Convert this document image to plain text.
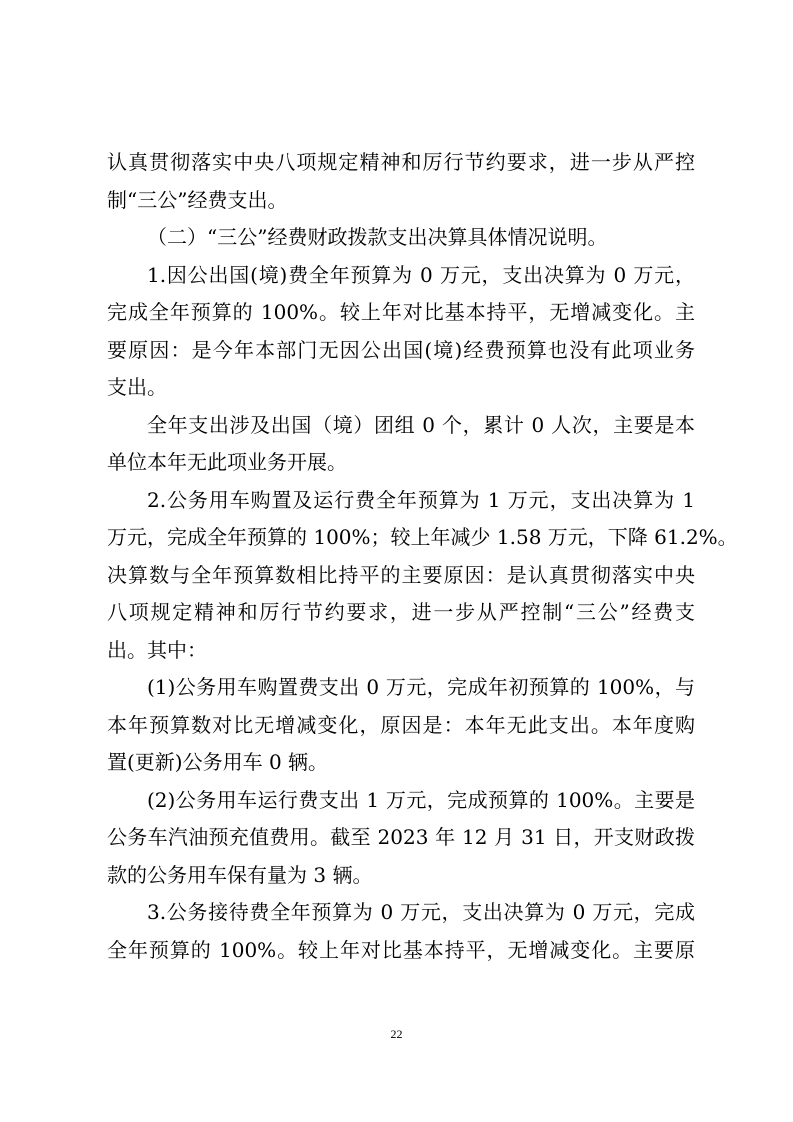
认真贯彻落实中央八项规定精神和厉行节约要求，进一步从严控
制“三公”经费支出。
（二）“三公”经费财政拨款支出决算具体情况说明。
1.因公出国(境)费全年预算为 0 万元，支出决算为 0 万元，
完成全年预算的 100%。较上年对比基本持平，无增减变化。主
要原因：是今年本部门无因公出国(境)经费预算也没有此项业务
支出。
全年支出涉及出国（境）团组 0 个，累计 0 人次，主要是本
单位本年无此项业务开展。
2.公务用车购置及运行费全年预算为 1 万元，支出决算为 1
万元，完成全年预算的 100%；较上年减少 1.58 万元，下降 61.2%。
决算数与全年预算数相比持平的主要原因：是认真贯彻落实中央
八项规定精神和厉行节约要求，进一步从严控制“三公”经费支
出。其中：
(1)公务用车购置费支出 0 万元，完成年初预算的 100%，与
本年预算数对比无增减变化，原因是：本年无此支出。本年度购
置(更新)公务用车 0 辆。
(2)公务用车运行费支出 1 万元，完成预算的 100%。主要是
公务车汽油预充值费用。截至 2023 年 12 月 31 日，开支财政拨
款的公务用车保有量为 3 辆。
3.公务接待费全年预算为 0 万元，支出决算为 0 万元，完成
全年预算的 100%。较上年对比基本持平，无增减变化。主要原
22
